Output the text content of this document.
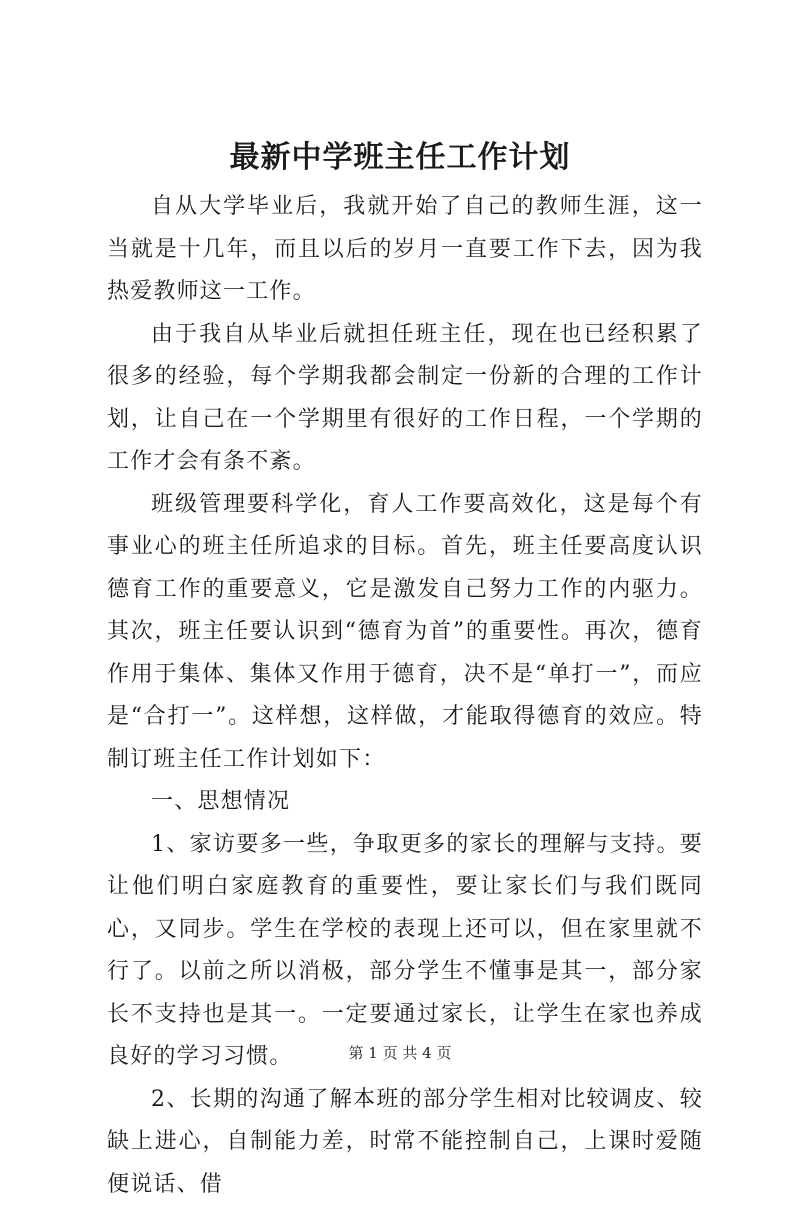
最新中学班主任工作计划

自从大学毕业后，我就开始了自己的教师生涯，这一当就是十几年，而且以后的岁月一直要工作下去，因为我热爱教师这一工作。

由于我自从毕业后就担任班主任，现在也已经积累了很多的经验，每个学期我都会制定一份新的合理的工作计划，让自己在一个学期里有很好的工作日程，一个学期的工作才会有条不紊。

班级管理要科学化，育人工作要高效化，这是每个有事业心的班主任所追求的目标。首先，班主任要高度认识德育工作的重要意义，它是激发自己努力工作的内驱力。其次，班主任要认识到“德育为首”的重要性。再次，德育作用于集体、集体又作用于德育，决不是“单打一”，而应是“合打一”。这样想，这样做，才能取得德育的效应。特制订班主任工作计划如下：

一、思想情况

1、家访要多一些，争取更多的家长的理解与支持。要让他们明白家庭教育的重要性，要让家长们与我们既同心，又同步。学生在学校的表现上还可以，但在家里就不行了。以前之所以消极，部分学生不懂事是其一，部分家长不支持也是其一。一定要通过家长，让学生在家也养成良好的学习习惯。

2、长期的沟通了解本班的部分学生相对比较调皮、较缺上进心，自制能力差，时常不能控制自己，上课时爱随便说话、借

第 1 页 共 4 页
